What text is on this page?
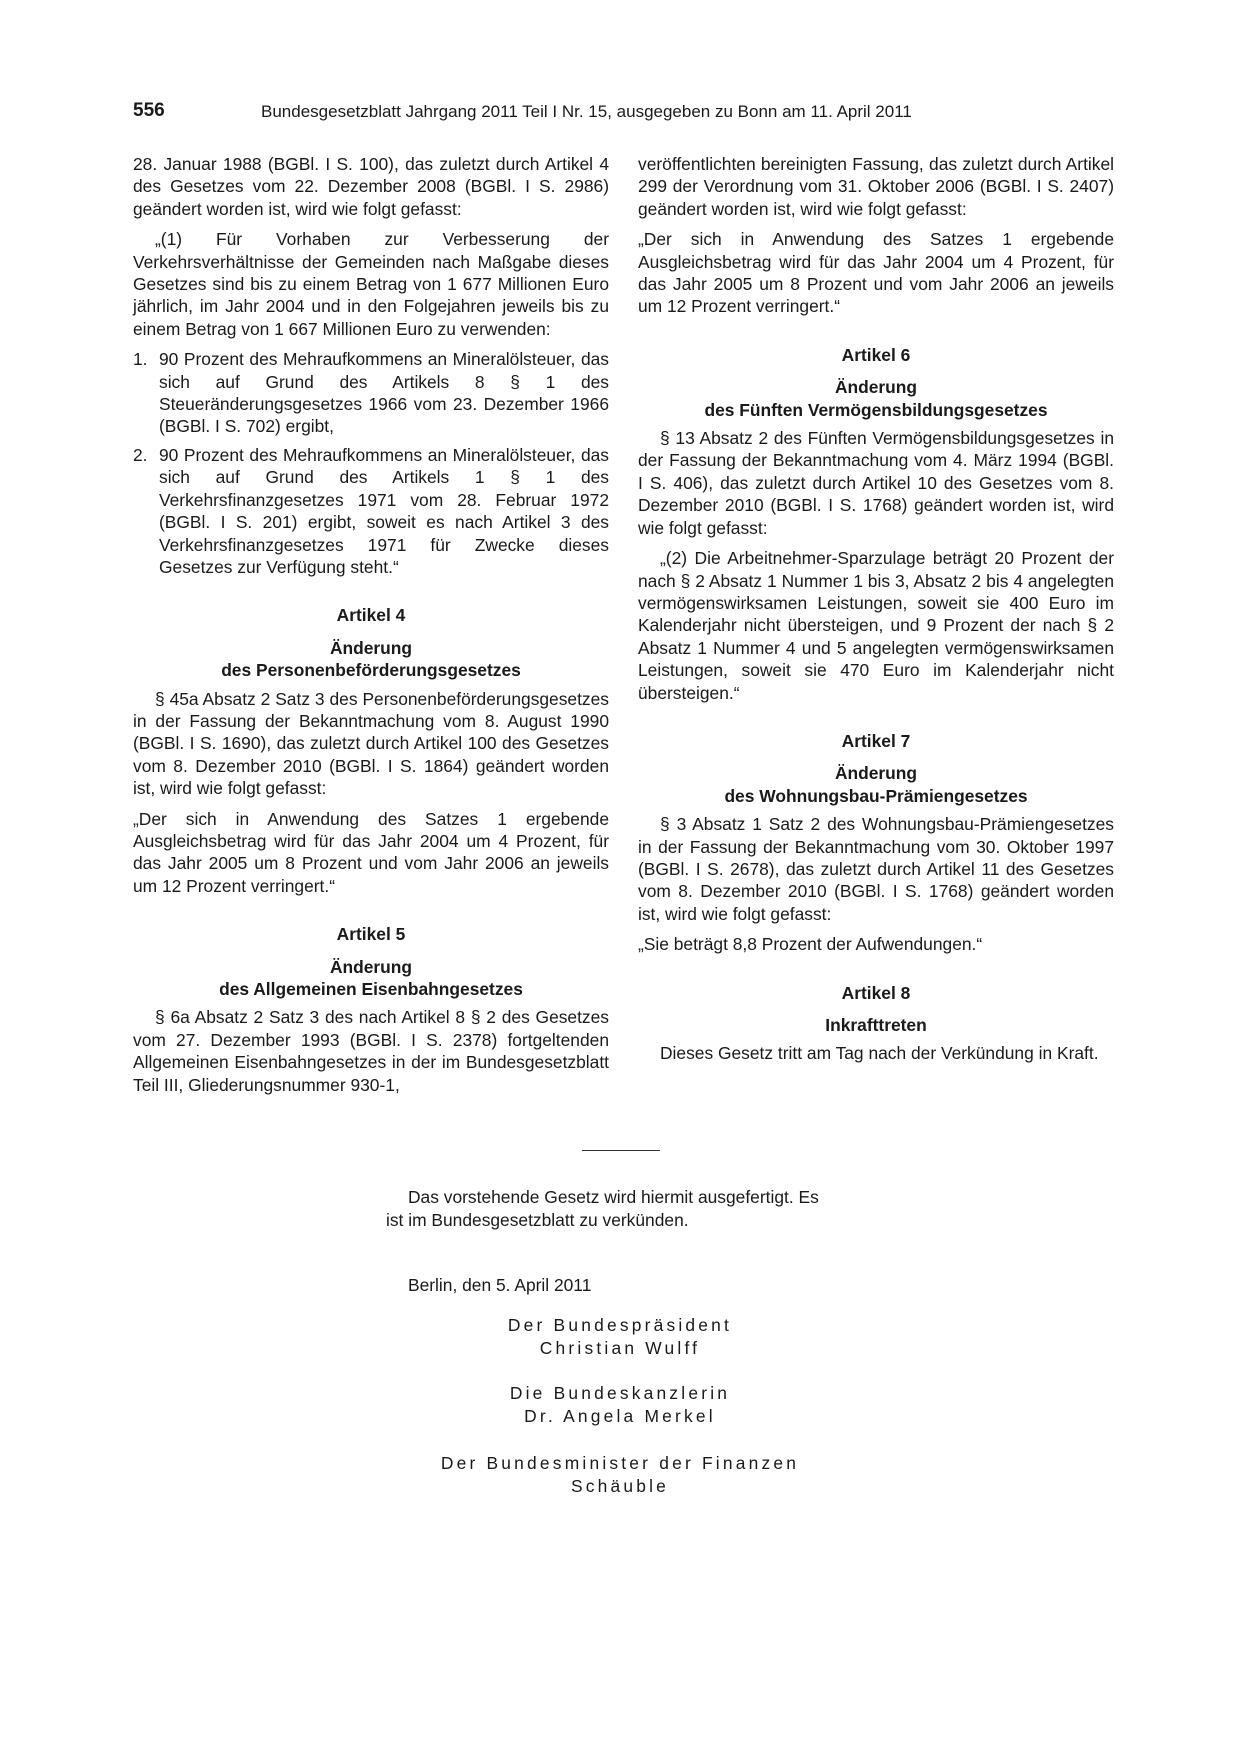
556	Bundesgesetzblatt Jahrgang 2011 Teil I Nr. 15, ausgegeben zu Bonn am 11. April 2011

28. Januar 1988 (BGBl. I S. 100), das zuletzt durch Artikel 4 des Gesetzes vom 22. Dezember 2008 (BGBl. I S. 2986) geändert worden ist, wird wie folgt gefasst:

„(1) Für Vorhaben zur Verbesserung der Verkehrsverhältnisse der Gemeinden nach Maßgabe dieses Gesetzes sind bis zu einem Betrag von 1 677 Millionen Euro jährlich, im Jahr 2004 und in den Folgejahren jeweils bis zu einem Betrag von 1 667 Millionen Euro zu verwenden:

1. 90 Prozent des Mehraufkommens an Mineralölsteuer, das sich auf Grund des Artikels 8 § 1 des Steueränderungsgesetzes 1966 vom 23. Dezember 1966 (BGBl. I S. 702) ergibt,
2. 90 Prozent des Mehraufkommens an Mineralölsteuer, das sich auf Grund des Artikels 1 § 1 des Verkehrsfinanzgesetzes 1971 vom 28. Februar 1972 (BGBl. I S. 201) ergibt, soweit es nach Artikel 3 des Verkehrsfinanzgesetzes 1971 für Zwecke dieses Gesetzes zur Verfügung steht.“
Artikel 4
Änderung
des Personenbeförderungsgesetzes

§ 45a Absatz 2 Satz 3 des Personenbeförderungsgesetzes in der Fassung der Bekanntmachung vom 8. August 1990 (BGBl. I S. 1690), das zuletzt durch Artikel 100 des Gesetzes vom 8. Dezember 2010 (BGBl. I S. 1864) geändert worden ist, wird wie folgt gefasst:

„Der sich in Anwendung des Satzes 1 ergebende Ausgleichsbetrag wird für das Jahr 2004 um 4 Prozent, für das Jahr 2005 um 8 Prozent und vom Jahr 2006 an jeweils um 12 Prozent verringert.“

Artikel 5
Änderung
des Allgemeinen Eisenbahngesetzes

§ 6a Absatz 2 Satz 3 des nach Artikel 8 § 2 des Gesetzes vom 27. Dezember 1993 (BGBl. I S. 2378) fortgeltenden Allgemeinen Eisenbahngesetzes in der im Bundesgesetzblatt Teil III, Gliederungsnummer 930-1,

veröffentlichten bereinigten Fassung, das zuletzt durch Artikel 299 der Verordnung vom 31. Oktober 2006 (BGBl. I S. 2407) geändert worden ist, wird wie folgt gefasst:

„Der sich in Anwendung des Satzes 1 ergebende Ausgleichsbetrag wird für das Jahr 2004 um 4 Prozent, für das Jahr 2005 um 8 Prozent und vom Jahr 2006 an jeweils um 12 Prozent verringert.“

Artikel 6
Änderung
des Fünften Vermögensbildungsgesetzes

§ 13 Absatz 2 des Fünften Vermögensbildungsgesetzes in der Fassung der Bekanntmachung vom 4. März 1994 (BGBl. I S. 406), das zuletzt durch Artikel 10 des Gesetzes vom 8. Dezember 2010 (BGBl. I S. 1768) geändert worden ist, wird wie folgt gefasst:

„(2) Die Arbeitnehmer-Sparzulage beträgt 20 Prozent der nach § 2 Absatz 1 Nummer 1 bis 3, Absatz 2 bis 4 angelegten vermögenswirksamen Leistungen, soweit sie 400 Euro im Kalenderjahr nicht übersteigen, und 9 Prozent der nach § 2 Absatz 1 Nummer 4 und 5 angelegten vermögenswirksamen Leistungen, soweit sie 470 Euro im Kalenderjahr nicht übersteigen.“

Artikel 7
Änderung
des Wohnungsbau-Prämiengesetzes

§ 3 Absatz 1 Satz 2 des Wohnungsbau-Prämiengesetzes in der Fassung der Bekanntmachung vom 30. Oktober 1997 (BGBl. I S. 2678), das zuletzt durch Artikel 11 des Gesetzes vom 8. Dezember 2010 (BGBl. I S. 1768) geändert worden ist, wird wie folgt gefasst:

„Sie beträgt 8,8 Prozent der Aufwendungen.“

Artikel 8
Inkrafttreten

Dieses Gesetz tritt am Tag nach der Verkündung in Kraft.

Das vorstehende Gesetz wird hiermit ausgefertigt. Es
ist im Bundesgesetzblatt zu verkünden.
Berlin, den 5. April 2011
Der Bundespräsident
Christian Wulff
Die Bundeskanzlerin
Dr. Angela Merkel
Der Bundesminister der Finanzen
Schäuble
